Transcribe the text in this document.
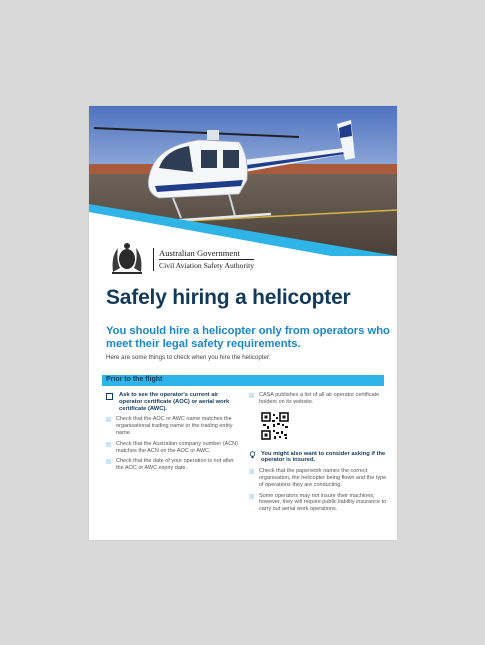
Australian Government
Civil Aviation Safety Authority
Safely hiring a helicopter
You should hire a helicopter only from operators who meet their legal safety requirements.
Here are some things to check when you hire the helicopter:
Prior to the flight
Ask to see the operator's current air operator certificate (AOC) or aerial work certificate (AWC).
Check that the AOC or AWC name matches the organisational trading name or the trading entity name.
Check that the Australian company number (ACN) matches the ACN on the AOC or AWC.
Check that the date of your operation is not after the AOC or AWC expiry date.
CASA publishes a list of all air operator certificate holders on its website.
You might also want to consider asking if the operator is insured.
Check that the paperwork names the correct organisation, the helicopter being flown and the type of operations they are conducting.
Some operators may not insure their machines; however, they will require public liability insurance to carry out aerial work operations.
